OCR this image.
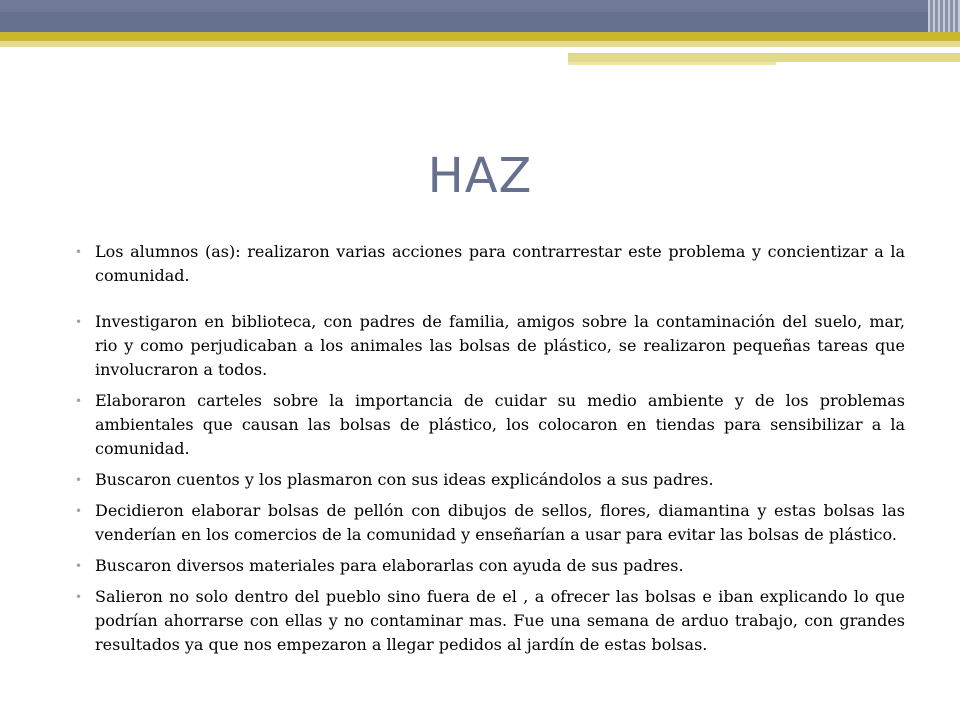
HAZ
• Los alumnos (as): realizaron varias acciones para contrarrestar este problema y concientizar a la comunidad.
• Investigaron en biblioteca, con padres de familia, amigos sobre la contaminación del suelo, mar, rio y como perjudicaban a los animales las bolsas de plástico, se realizaron pequeñas tareas que involucraron a todos.
• Elaboraron carteles sobre la importancia de cuidar su medio ambiente y de los problemas ambientales que causan las bolsas de plástico, los colocaron en tiendas para sensibilizar a la comunidad.
• Buscaron cuentos y los plasmaron con sus ideas explicándolos a sus padres.
• Decidieron elaborar bolsas de pellón con dibujos de sellos, flores, diamantina y estas bolsas las venderían en los comercios de la comunidad y enseñarían a usar para evitar las bolsas de plástico.
• Buscaron diversos materiales para elaborarlas con ayuda de sus padres.
• Salieron no solo dentro del pueblo sino fuera de el , a ofrecer las bolsas e iban explicando lo que podrían ahorrarse con ellas y no contaminar mas. Fue una semana de arduo trabajo, con grandes resultados ya que nos empezaron a llegar pedidos al jardín de estas bolsas.
